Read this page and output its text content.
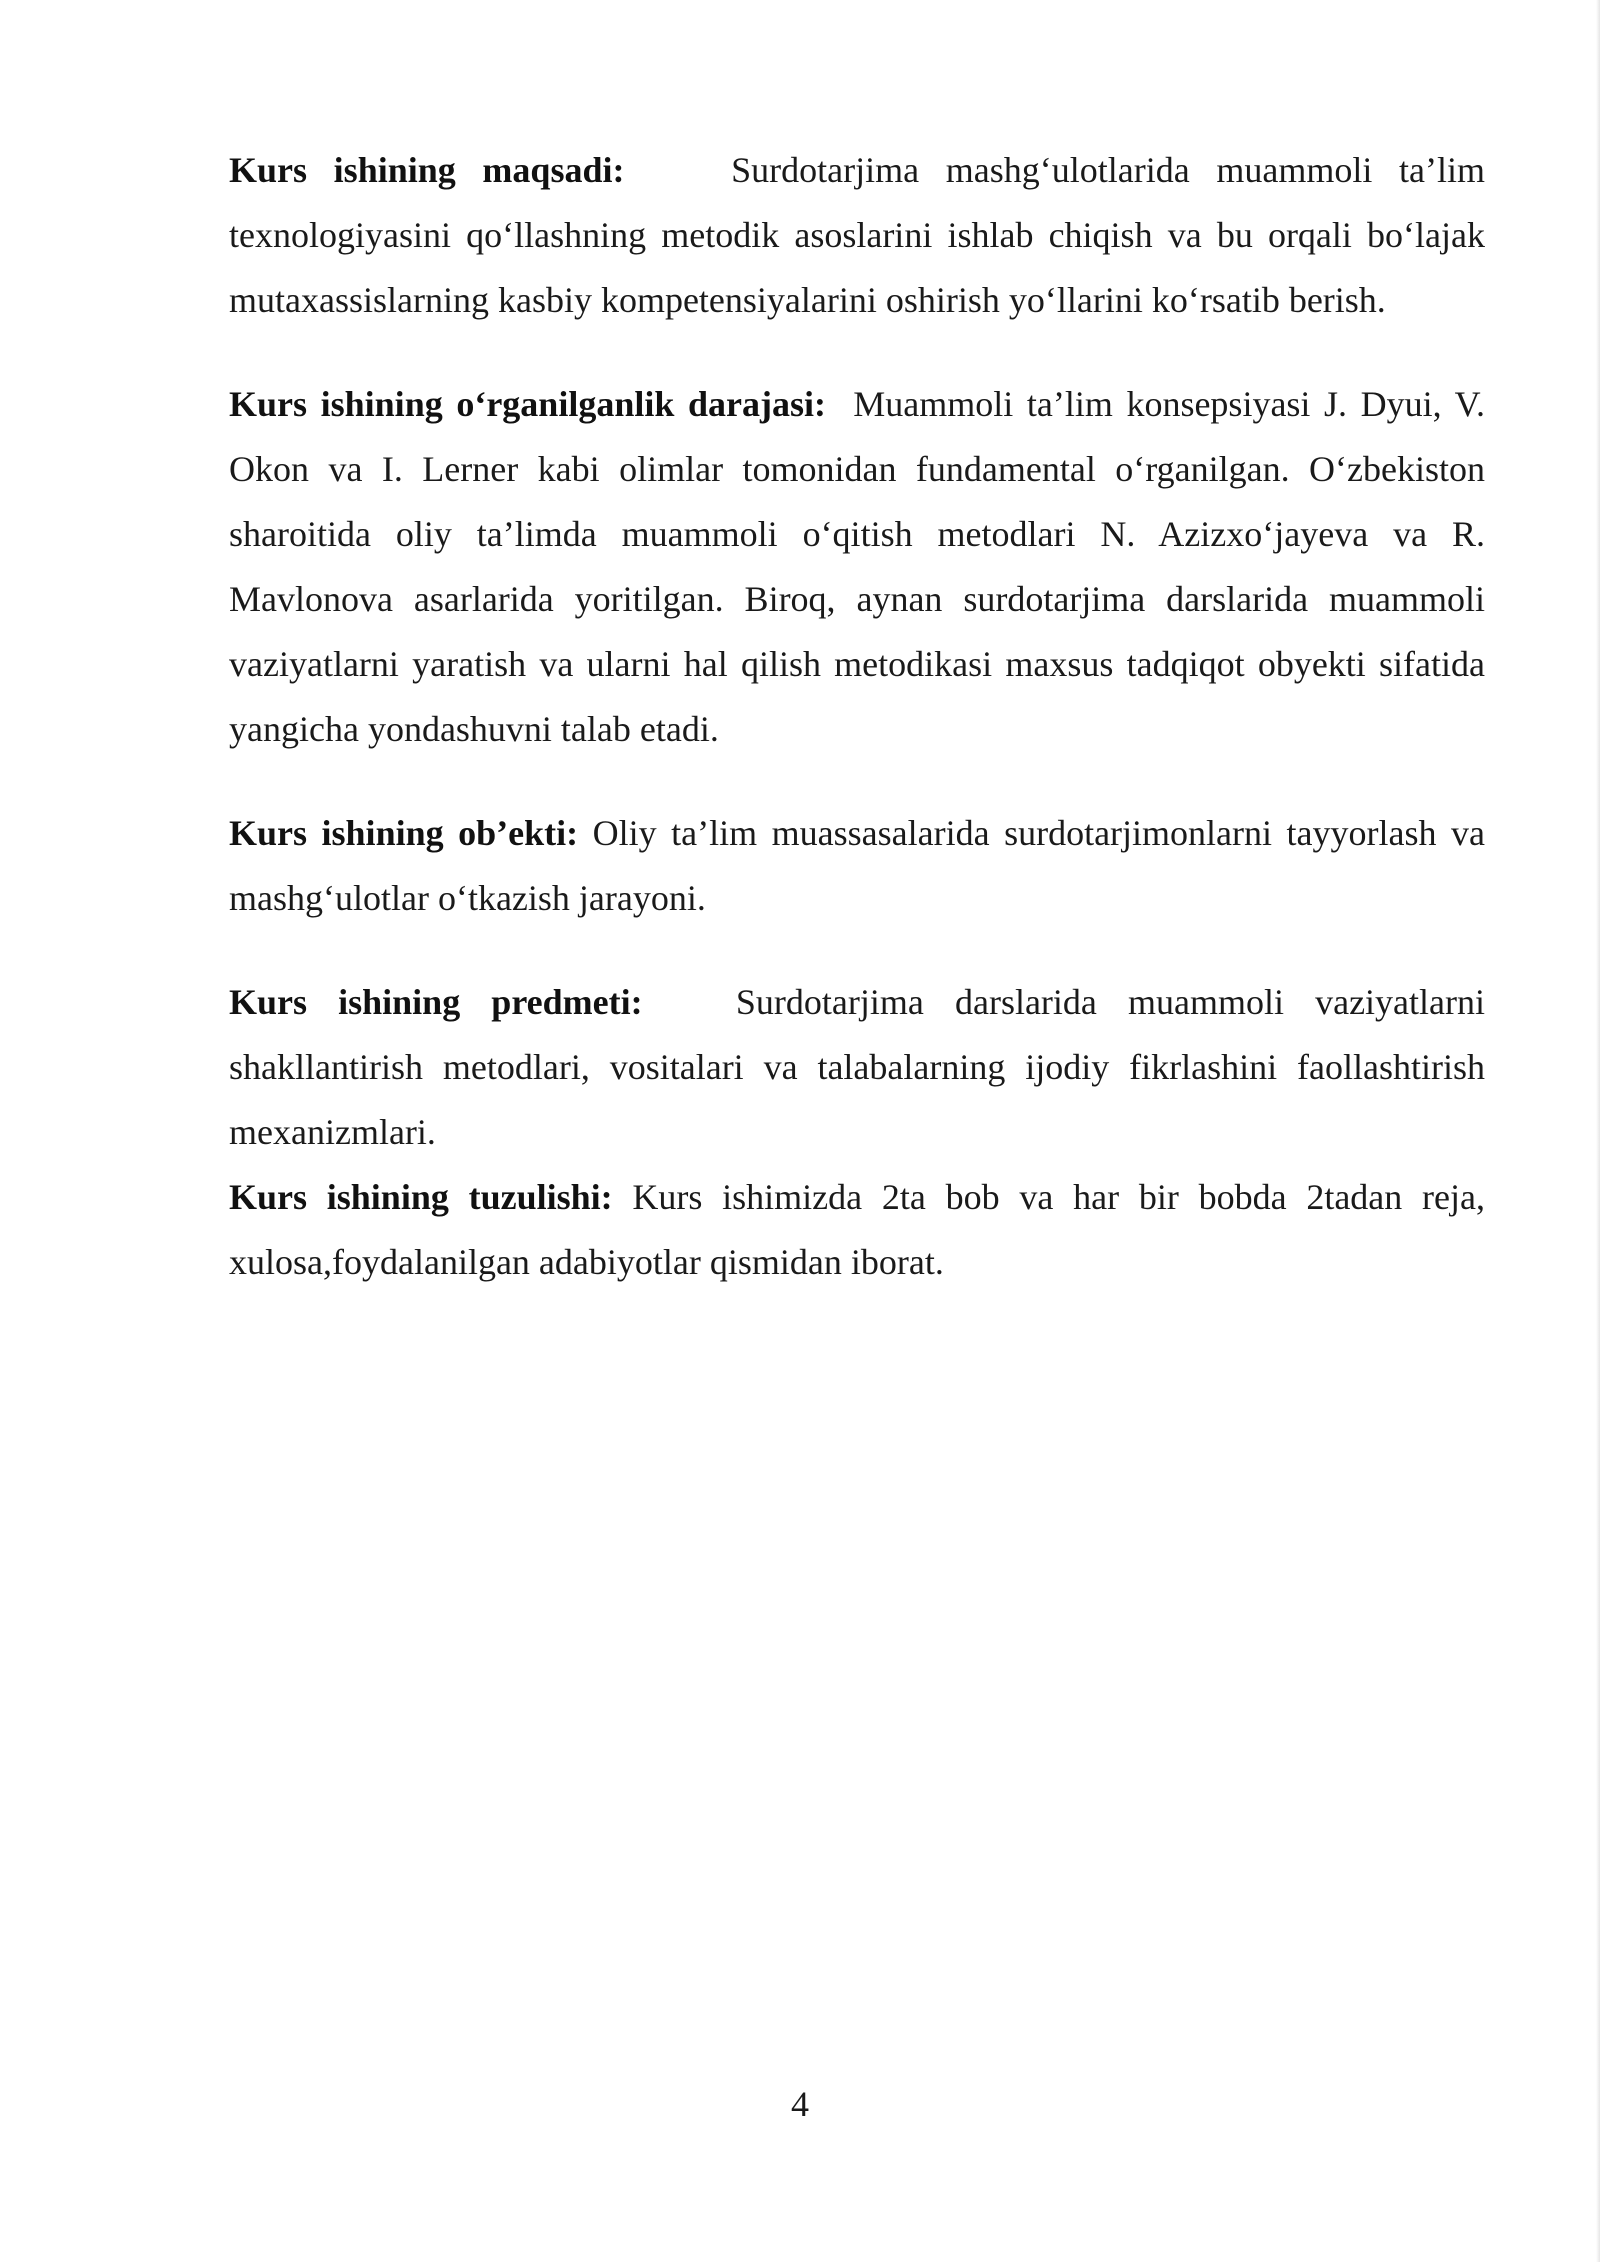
Kurs ishining maqsadi:	Surdotarjima mashg‘ulotlarida muammoli ta’lim texnologiyasini qo‘llashning metodik asoslarini ishlab chiqish va bu orqali bo‘lajak mutaxassislarning kasbiy kompetensiyalarini oshirish yo‘llarini ko‘rsatib berish.

Kurs ishining o‘rganilganlik darajasi: Muammoli ta’lim konsepsiyasi J. Dyui, V. Okon va I. Lerner kabi olimlar tomonidan fundamental o‘rganilgan. O‘zbekiston sharoitida oliy ta’limda muammoli o‘qitish metodlari N. Azizxo‘jayeva va R. Mavlonova asarlarida yoritilgan. Biroq, aynan surdotarjima darslarida muammoli vaziyatlarni yaratish va ularni hal qilish metodikasi maxsus tadqiqot obyekti sifatida yangicha yondashuvni talab etadi.

Kurs ishining ob’ekti: Oliy ta’lim muassasalarida surdotarjimonlarni tayyorlash va mashg‘ulotlar o‘tkazish jarayoni.

Kurs ishining predmeti:	Surdotarjima darslarida muammoli vaziyatlarni shakllantirish metodlari, vositalari va talabalarning ijodiy fikrlashini faollashtirish mexanizmlari.

Kurs ishining tuzulishi: Kurs ishimizda 2ta bob va har bir bobda 2tadan reja, xulosa,foydalanilgan adabiyotlar qismidan iborat.

4
